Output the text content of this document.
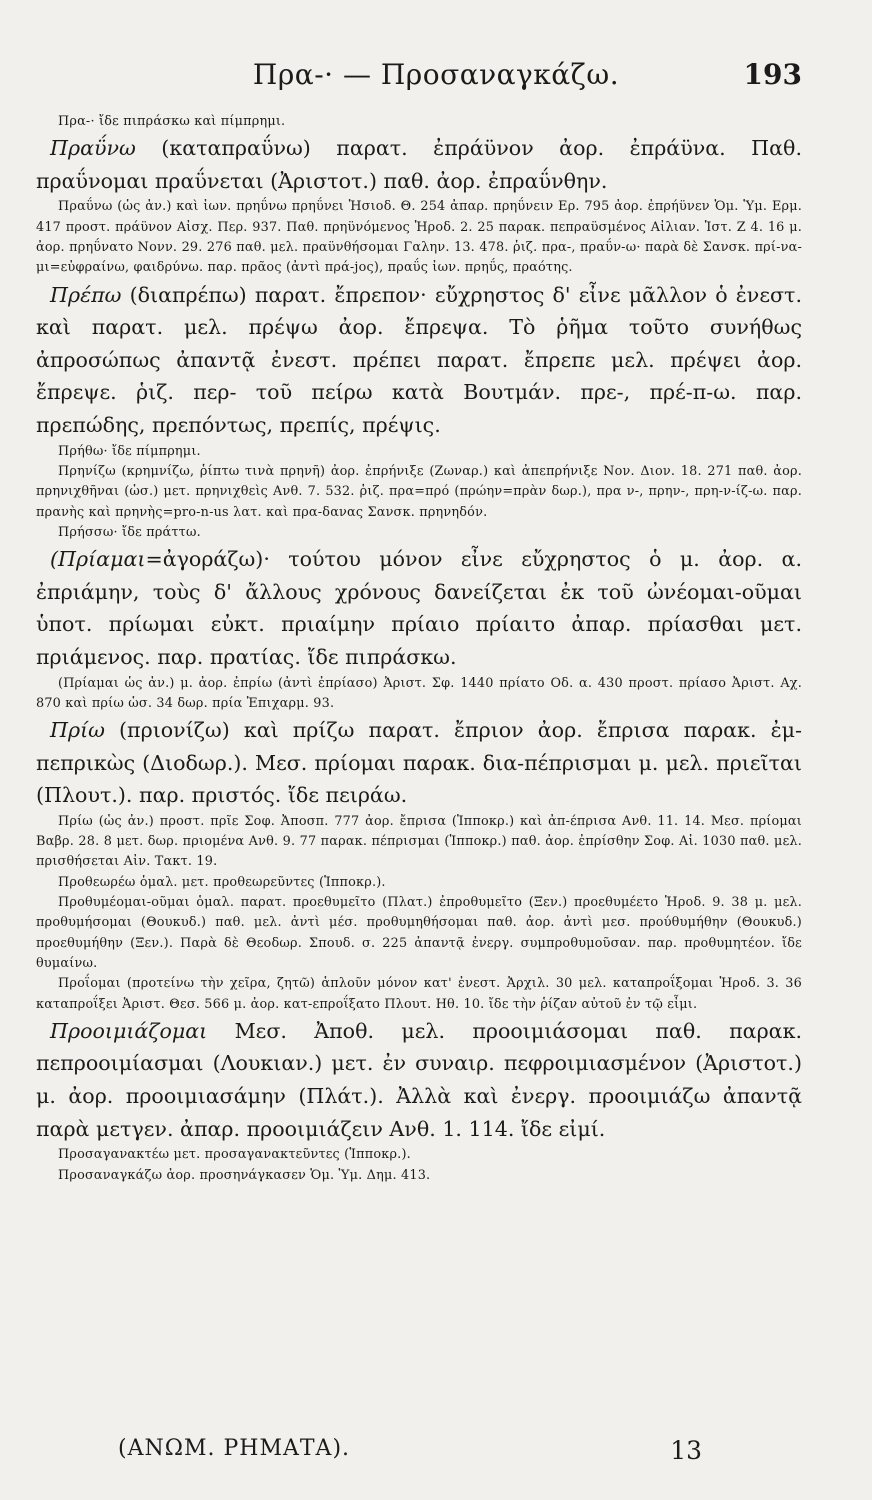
Πρα-· — Προσαναγκάζω.	193

Πρα-· ἴδε πιπράσκω καὶ πίμπρημι.

Πραΰνω (καταπραΰνω) παρατ. ἐπράϋνον ἀορ. ἐπράϋνα. Παθ. πραΰνομαι πραΰνεται (Ἀριστοτ.) παθ. ἀορ. ἐπραΰνθην.

Πραΰνω (ὡς ἀν.) καὶ ἰων. πρηΰνω πρηΰνει Ἡσιοδ. Θ. 254 ἀπαρ. πρηΰνειν Ερ. 795 ἀορ. ἐπρήϋνεν Ὁμ. Ὑμ. Ερμ. 417 προστ. πράϋνον Αἰσχ. Περ. 937. Παθ. πρηϋνόμενος Ἡροδ. 2. 25 παρακ. πεπραϋσμένος Αἰλιαν. Ἱστ. Ζ 4. 16 μ. ἀορ. πρηΰνατο Νονν. 29. 276 παθ. μελ. πραϋνθήσομαι Γαλην. 13. 478. ῥιζ. πρα-, πραΰν-ω· παρὰ δὲ Σανσκ. πρί-να-μι=εὐφραίνω, φαιδρύνω. παρ. πρᾶος (ἀντὶ πρά-jος), πραΰς ἰων. πρηΰς, πραότης.

Πρέπω (διαπρέπω) παρατ. ἔπρεπον· εὔχρηστος δ' εἶνε μᾶλλον ὁ ἐνεστ. καὶ παρατ. μελ. πρέψω ἀορ. ἔπρεψα. Τὸ ῥῆμα τοῦτο συνήθως ἀπροσώπως ἀπαντᾷ ἐνεστ. πρέπει παρατ. ἔπρεπε μελ. πρέψει ἀορ. ἔπρεψε. ῥιζ. περ- τοῦ πείρω κατὰ Βουτμάν. πρε-, πρέ-π-ω. παρ. πρεπώδης, πρεπόντως, πρεπίς, πρέψις.

Πρήθω· ἴδε πίμπρημι.

Πρηνίζω (κρημνίζω, ῥίπτω τινὰ πρηνῆ) ἀορ. ἐπρήνιξε (Ζωναρ.) καὶ ἀπεπρήνιξε Νον. Διον. 18. 271 παθ. ἀορ. πρηνιχθῆναι (ὡσ.) μετ. πρηνιχθεὶς Ανθ. 7. 532. ῥιζ. πρα=πρό (πρώην=πρὰν δωρ.), πρα ν-, πρην-, πρη-ν-ίζ-ω. παρ. πρανὴς καὶ πρηνὴς=pro-n-us λατ. καὶ πρα-δανας Σανσκ. πρηνηδόν.

Πρήσσω· ἴδε πράττω.

(Πρίαμαι=ἀγοράζω)· τούτου μόνον εἶνε εὔχρηστος ὁ μ. ἀορ. α. ἐπριάμην, τοὺς δ' ἄλλους χρόνους δανείζεται ἐκ τοῦ ὠνέομαι-οῦμαι ὑποτ. πρίωμαι εὐκτ. πριαίμην πρίαιο πρίαιτο ἀπαρ. πρίασθαι μετ. πριάμενος. παρ. πρατίας. ἴδε πιπράσκω.

(Πρίαμαι ὡς ἀν.) μ. ἀορ. ἐπρίω (ἀντὶ ἐπρίασο) Ἀριστ. Σφ. 1440 πρίατο Οδ. α. 430 προστ. πρίασο Ἀριστ. Αχ. 870 καὶ πρίω ὡσ. 34 δωρ. πρία Ἐπιχαρμ. 93.

Πρίω (πριονίζω) καὶ πρίζω παρατ. ἔπριον ἀορ. ἔπρισα παρακ. ἐμ-πεπρικὼς (Διοδωρ.). Μεσ. πρίομαι παρακ. δια-πέπρισμαι μ. μελ. πριεῖται (Πλουτ.). παρ. πριστός. ἴδε πειράω.

Πρίω (ὡς ἀν.) προστ. πρῖε Σοφ. Ἀποσπ. 777 ἀορ. ἔπρισα (Ἱπποκρ.) καὶ ἀπ-έπρισα Ανθ. 11. 14. Μεσ. πρίομαι Βαβρ. 28. 8 μετ. δωρ. πριομένα Ανθ. 9. 77 παρακ. πέπρισμαι (Ἱπποκρ.) παθ. ἀορ. ἐπρίσθην Σοφ. Αἰ. 1030 παθ. μελ. πρισθήσεται Αἰν. Τακτ. 19.

Προθεωρέω ὁμαλ. μετ. προθεωρεῦντες (Ἱπποκρ.).

Προθυμέομαι-οῦμαι ὁμαλ. παρατ. προεθυμεῖτο (Πλατ.) ἐπροθυμεῖτο (Ξεν.) προεθυμέετο Ἡροδ. 9. 38 μ. μελ. προθυμήσομαι (Θουκυδ.) παθ. μελ. ἀντὶ μέσ. προθυμηθήσομαι παθ. ἀορ. ἀντὶ μεσ. προύθυμήθην (Θουκυδ.) προεθυμήθην (Ξεν.). Παρὰ δὲ Θεοδωρ. Σπουδ. σ. 225 ἀπαντᾷ ἐνεργ. συμπροθυμοῦσαν. παρ. προθυμητέον. ἴδε θυμαίνω.

Προΐομαι (προτείνω τὴν χεῖρα, ζητῶ) ἁπλοῦν μόνον κατ' ἐνεστ. Ἀρχιλ. 30 μελ. καταπροΐξομαι Ἡροδ. 3. 36 καταπροΐξει Ἀριστ. Θεσ. 566 μ. ἀορ. κατ-επροΐξατο Πλουτ. Ηθ. 10. ἴδε τὴν ῥίζαν αὐτοῦ ἐν τῷ εἶμι.

Προοιμιάζομαι Μεσ. Ἀποθ. μελ. προοιμιάσομαι παθ. παρακ. πεπροοιμίασμαι (Λουκιαν.) μετ. ἐν συναιρ. πεφροιμιασμένον (Ἀριστοτ.) μ. ἀορ. προοιμιασάμην (Πλάτ.). Ἀλλὰ καὶ ἐνεργ. προοιμιάζω ἀπαντᾷ παρὰ μετγεν. ἀπαρ. προοιμιάζειν Ανθ. 1. 114. ἴδε εἰμί.

Προσαγανακτέω μετ. προσαγανακτεῦντες (Ἱπποκρ.).

Προσαναγκάζω ἀορ. προσηνάγκασεν Ὁμ. Ὑμ. Δημ. 413.

(ΑΝΩΜ. ΡΗΜΑΤΑ).	13
